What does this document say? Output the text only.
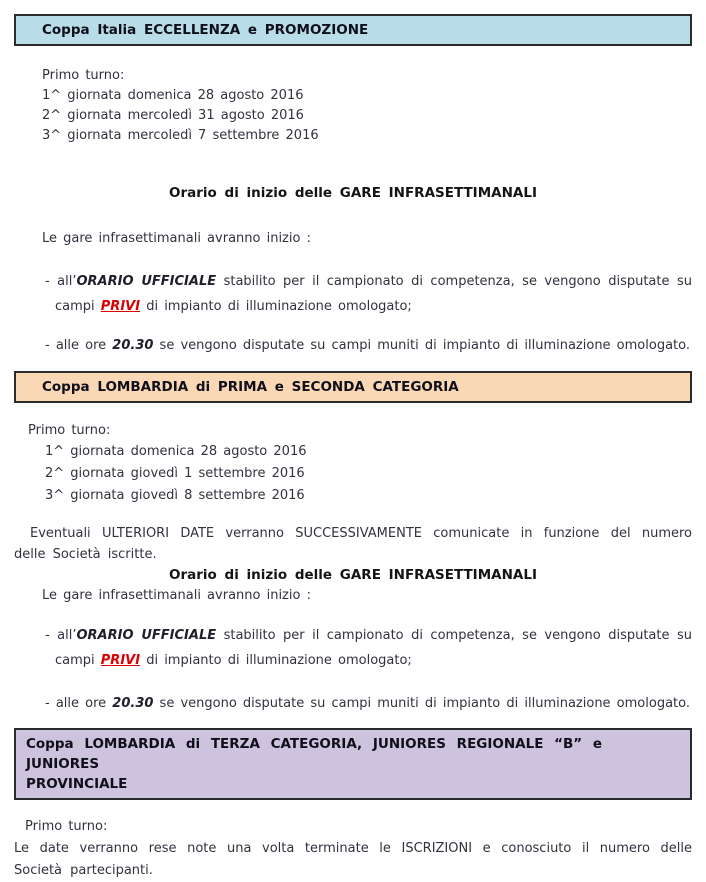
Coppa Italia ECCELLENZA e PROMOZIONE

Primo turno:

1^ giornata domenica 28 agosto 2016
2^ giornata mercoledì 31 agosto 2016
3^ giornata mercoledì 7 settembre 2016

Orario di inizio delle GARE INFRASETTIMANALI

Le gare infrasettimanali avranno inizio :

- all’ORARIO UFFICIALE stabilito per il campionato di competenza, se vengono disputate su campi PRIVI di impianto di illuminazione omologato;

- alle ore 20.30 se vengono disputate su campi muniti di impianto di illuminazione omologato.

Coppa LOMBARDIA di PRIMA e SECONDA CATEGORIA

Primo turno:

1^ giornata domenica 28 agosto 2016
2^ giornata giovedì 1 settembre 2016
3^ giornata giovedì 8 settembre 2016

Eventuali ULTERIORI DATE verranno SUCCESSIVAMENTE comunicate in funzione del numero delle Società iscritte.

Orario di inizio delle GARE INFRASETTIMANALI

Le gare infrasettimanali avranno inizio :

- all’ORARIO UFFICIALE stabilito per il campionato di competenza, se vengono disputate su campi PRIVI di impianto di illuminazione omologato;

- alle ore 20.30 se vengono disputate su campi muniti di impianto di illuminazione omologato.

Coppa LOMBARDIA di TERZA CATEGORIA, JUNIORES REGIONALE “B” e JUNIORES
PROVINCIALE

Primo turno:

Le date verranno rese note una volta terminate le ISCRIZIONI e conosciuto il numero delle Società partecipanti.
